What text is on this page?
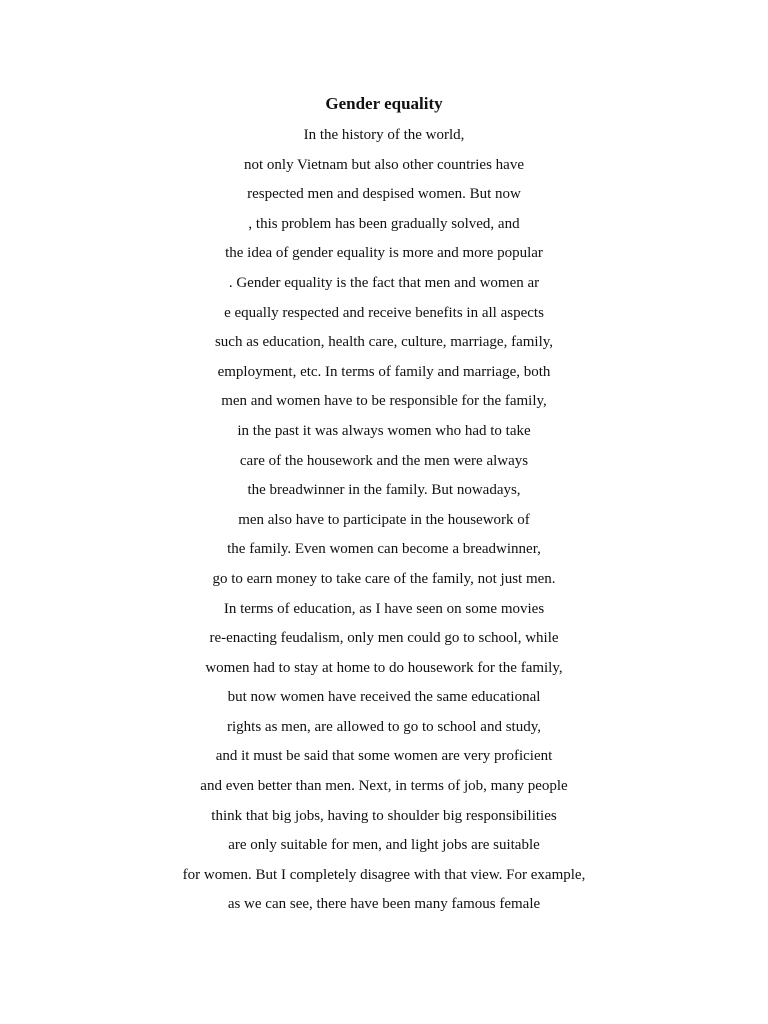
Gender equality
In the history of the world,
not only Vietnam but also other countries have
respected men and despised women. But now
, this problem has been gradually solved, and
the idea of gender equality is more and more popular
. Gender equality is the fact that men and women ar
e equally respected and receive benefits in all aspects
such as education, health care, culture, marriage, family,
employment, etc. In terms of family and marriage, both
men and women have to be responsible for the family,
in the past it was always women who had to take
care of the housework and the men were always
the breadwinner in the family. But nowadays,
men also have to participate in the housework of
the family. Even women can become a breadwinner,
go to earn money to take care of the family, not just men.
In terms of education, as I have seen on some movies
re-enacting feudalism, only men could go to school, while
women had to stay at home to do housework for the family,
but now women have received the same educational
rights as men, are allowed to go to school and study,
and it must be said that some women are very proficient
and even better than men. Next, in terms of job, many people
think that big jobs, having to shoulder big responsibilities
are only suitable for men, and light jobs are suitable
for women. But I completely disagree with that view. For example,
as we can see, there have been many famous female
